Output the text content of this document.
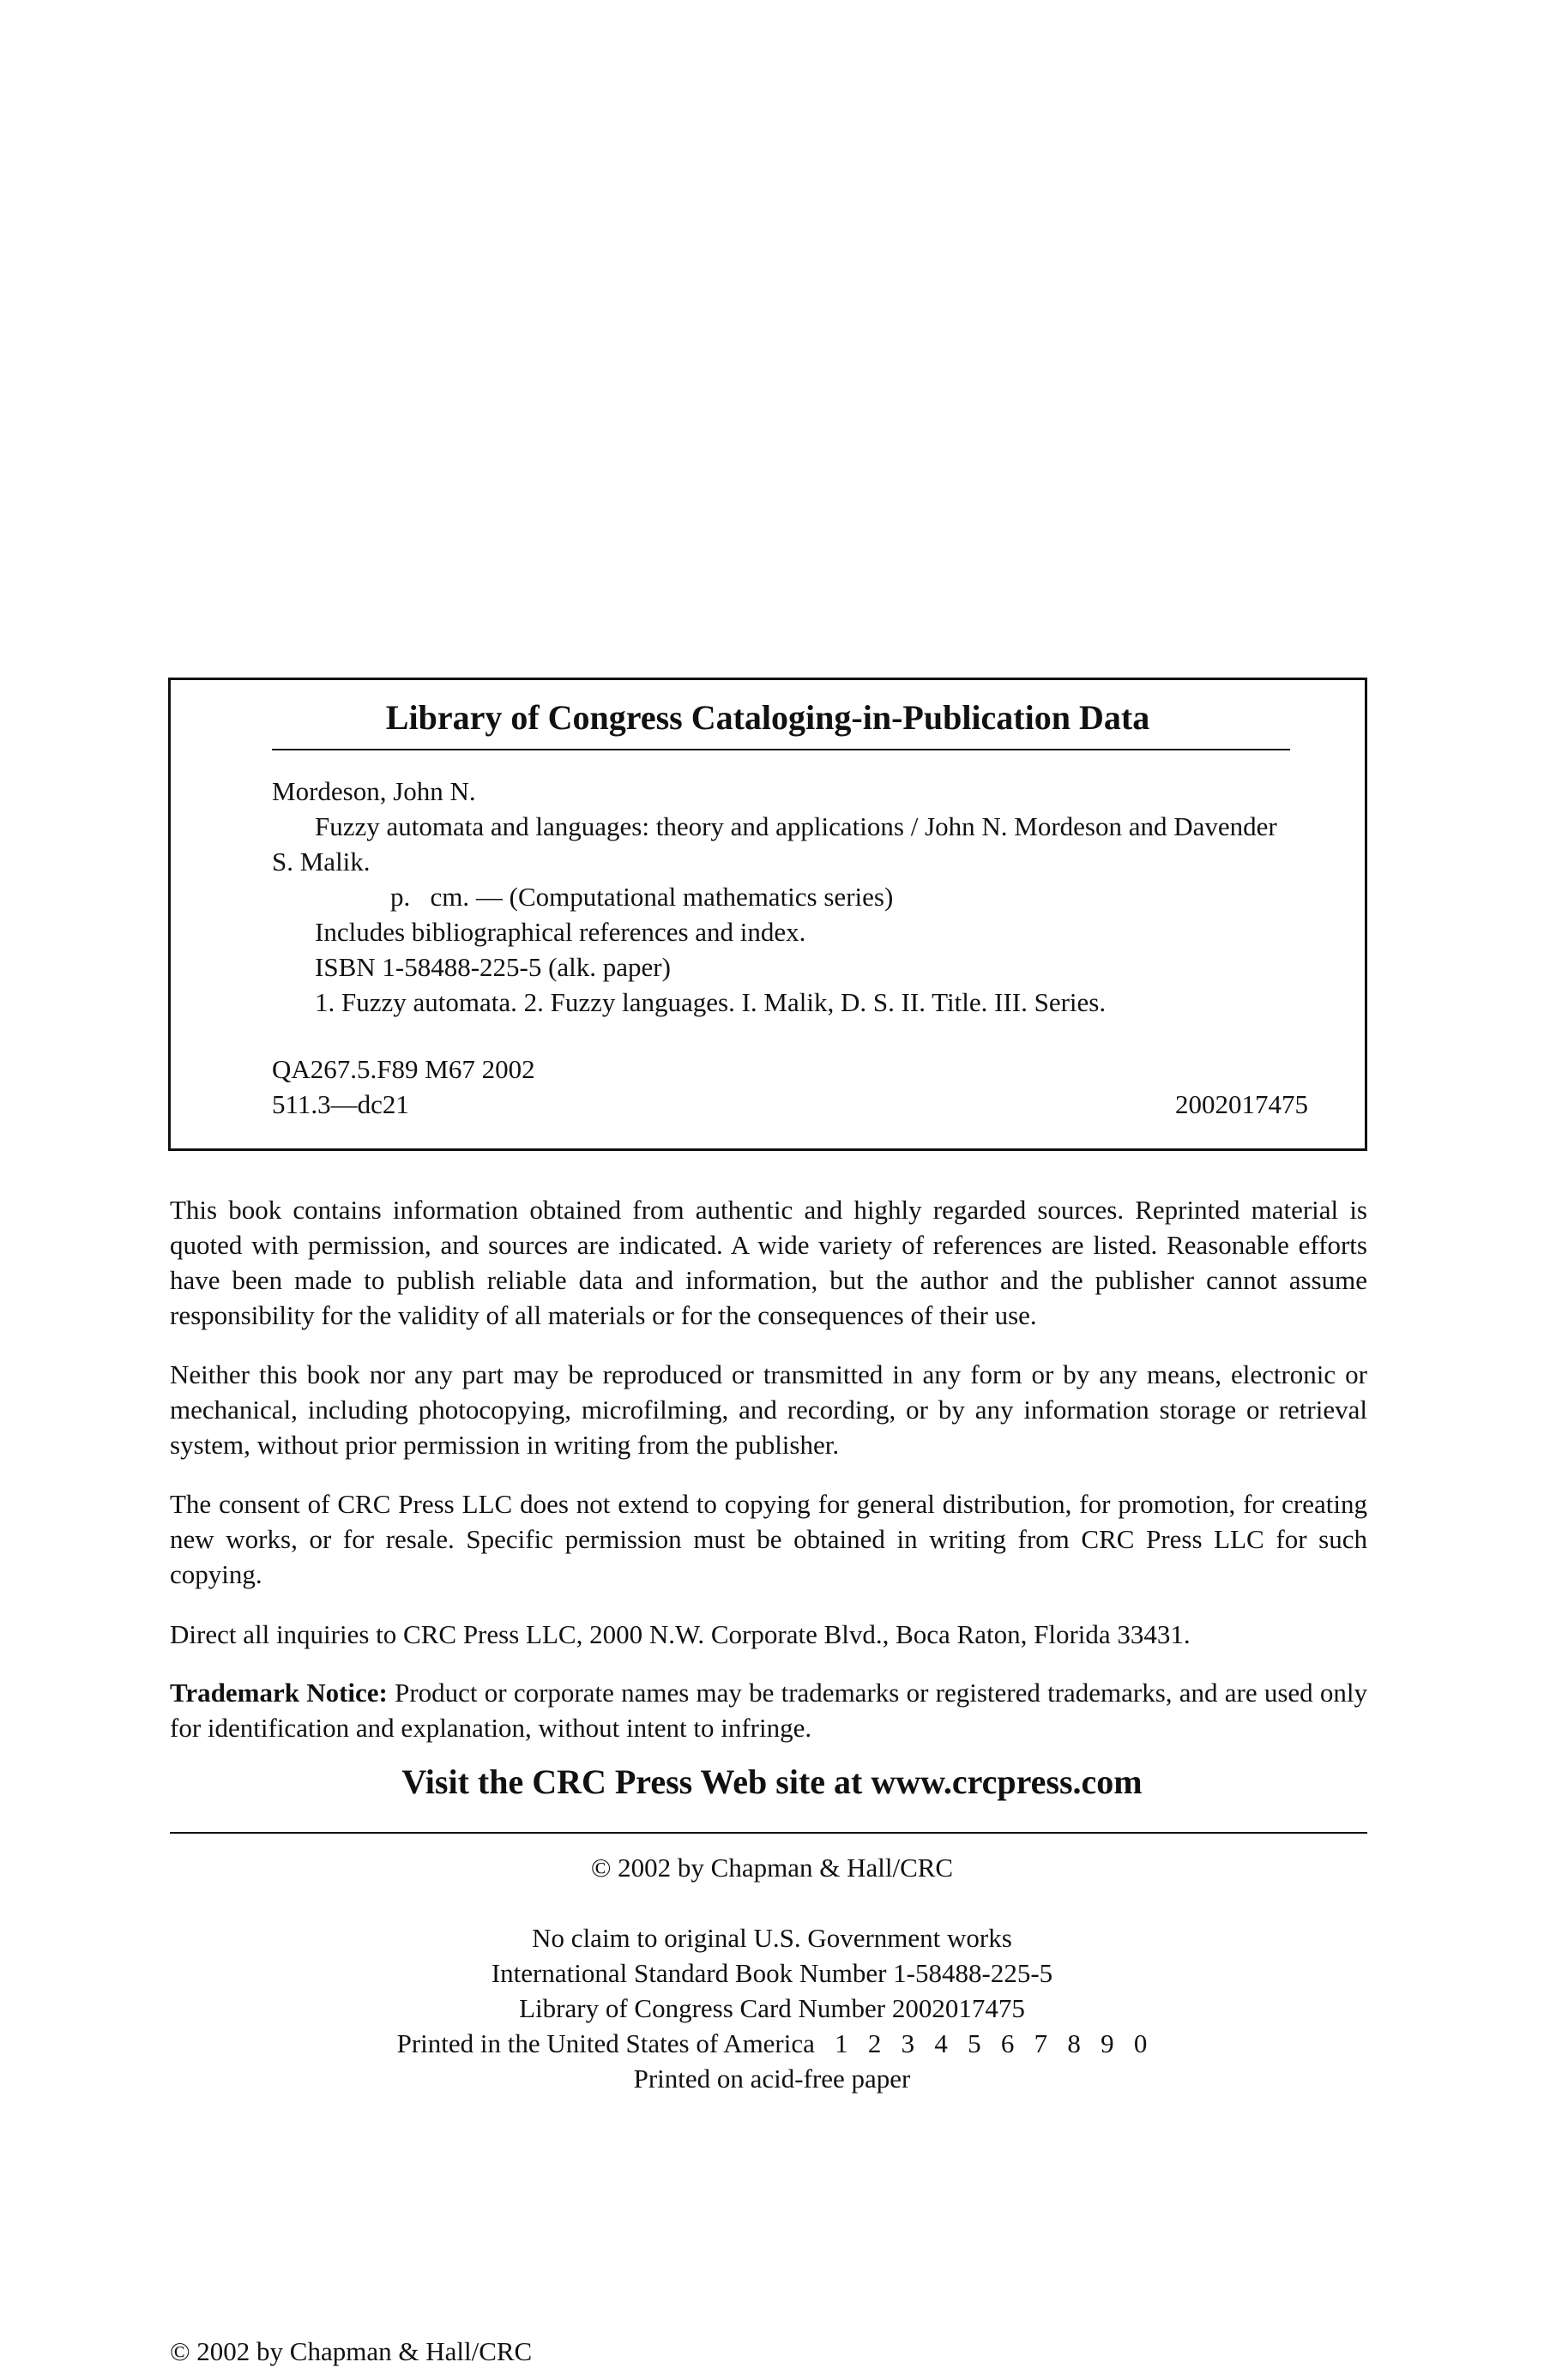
Library of Congress Cataloging-in-Publication Data
Mordeson, John N.
Fuzzy automata and languages: theory and applications / John N. Mordeson and Davender
S. Malik.
p.   cm. — (Computational mathematics series)
Includes bibliographical references and index.
ISBN 1-58488-225-5 (alk. paper)
1. Fuzzy automata. 2. Fuzzy languages. I. Malik, D. S. II. Title. III. Series.
QA267.5.F89 M67 2002
511.3—dc21	2002017475
This book contains information obtained from authentic and highly regarded sources. Reprinted material is quoted with permission, and sources are indicated. A wide variety of references are listed. Reasonable efforts have been made to publish reliable data and information, but the author and the publisher cannot assume responsibility for the validity of all materials or for the consequences of their use.
Neither this book nor any part may be reproduced or transmitted in any form or by any means, electronic or mechanical, including photocopying, microfilming, and recording, or by any information storage or retrieval system, without prior permission in writing from the publisher.
The consent of CRC Press LLC does not extend to copying for general distribution, for promotion, for creating new works, or for resale. Specific permission must be obtained in writing from CRC Press LLC for such copying.
Direct all inquiries to CRC Press LLC, 2000 N.W. Corporate Blvd., Boca Raton, Florida 33431.
Trademark Notice: Product or corporate names may be trademarks or registered trademarks, and are used only for identification and explanation, without intent to infringe.
Visit the CRC Press Web site at www.crcpress.com
© 2002 by Chapman & Hall/CRC
No claim to original U.S. Government works
International Standard Book Number 1-58488-225-5
Library of Congress Card Number 2002017475
Printed in the United States of America   1   2   3   4   5   6   7   8   9   0
Printed on acid-free paper
© 2002 by Chapman & Hall/CRC
